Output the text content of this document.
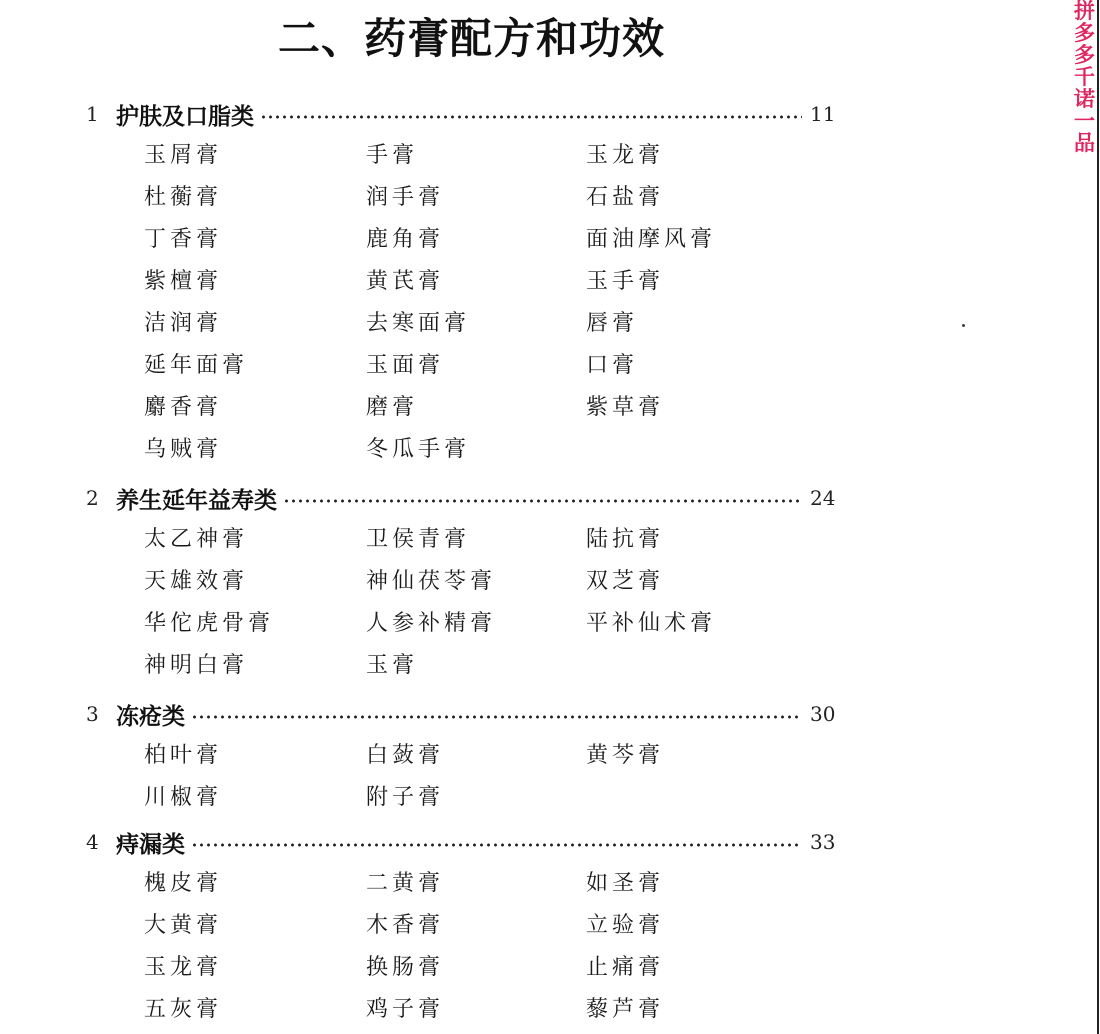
二、药膏配方和功效
1 护肤及口脂类	11
玉屑膏	手膏	玉龙膏
杜蘅膏	润手膏	石盐膏
丁香膏	鹿角膏	面油摩风膏
紫檀膏	黄芪膏	玉手膏
洁润膏	去寒面膏	唇膏
延年面膏	玉面膏	口膏
麝香膏	磨膏	紫草膏
乌贼膏	冬瓜手膏
2 养生延年益寿类	24
太乙神膏	卫侯青膏	陆抗膏
天雄效膏	神仙茯苓膏	双芝膏
华佗虎骨膏	人参补精膏	平补仙术膏
神明白膏	玉膏
3 冻疮类	30
柏叶膏	白蔹膏	黄芩膏
川椒膏	附子膏
4 痔漏类	33
槐皮膏	二黄膏	如圣膏
大黄膏	木香膏	立验膏
玉龙膏	换肠膏	止痛膏
五灰膏	鸡子膏	藜芦膏
拼多多千诺一品
